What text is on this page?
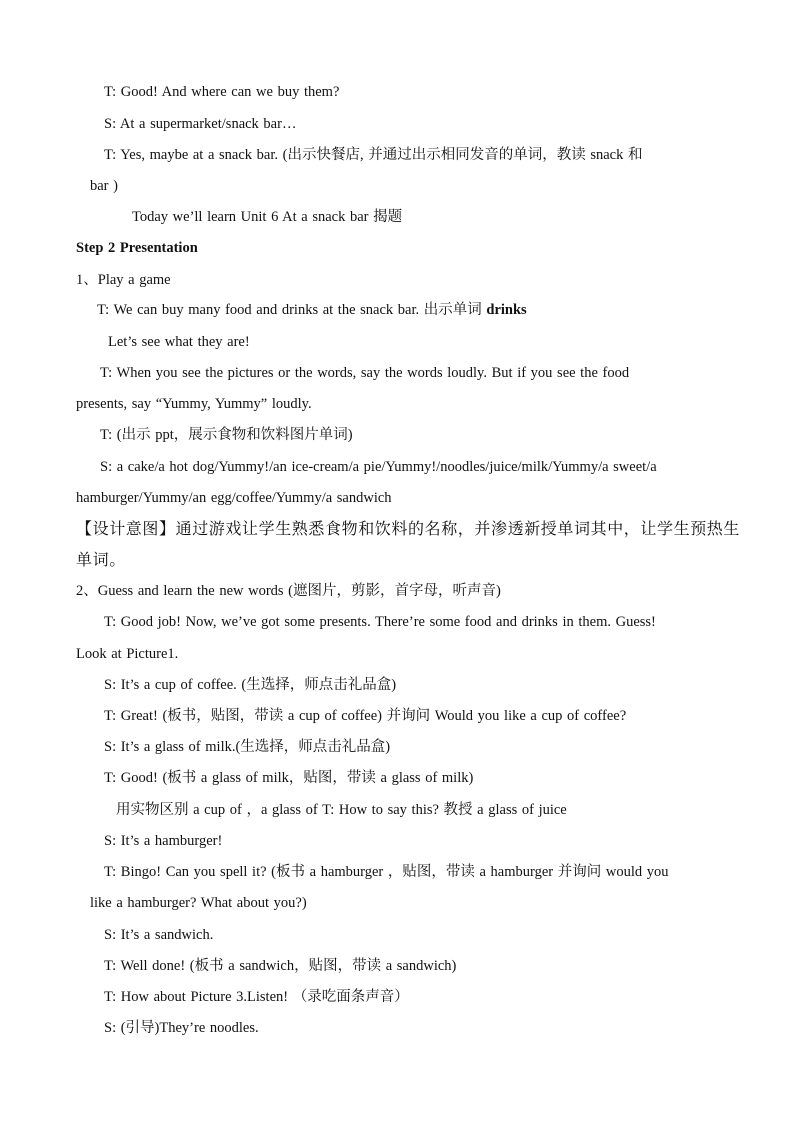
T: Good! And where can we buy them?
S: At a supermarket/snack bar…
T: Yes, maybe at a snack bar. (出示快餐店, 并通过出示相同发音的单词，教读 snack 和
bar )
Today we’ll learn Unit 6 At a snack bar 揭题
Step 2 Presentation
1、Play a game
T: We can buy many food and drinks at the snack bar. 出示单词 drinks
Let’s see what they are!
T: When you see the pictures or the words, say the words loudly. But if you see the food
presents, say “Yummy, Yummy” loudly.
T: (出示 ppt，展示食物和饮料图片单词)
S: a cake/a hot dog/Yummy!/an ice-cream/a pie/Yummy!/noodles/juice/milk/Yummy/a sweet/a
hamburger/Yummy/an egg/coffee/Yummy/a sandwich
【设计意图】通过游戏让学生熟悉食物和饮料的名称，并渗透新授单词其中，让学生预热生
单词。
2、Guess and learn the new words (遮图片，剪影，首字母，听声音)
T: Good job! Now, we’ve got some presents. There’re some food and drinks in them. Guess!
Look at Picture1.
S: It’s a cup of coffee. (生选择，师点击礼品盒)
T: Great! (板书，贴图，带读 a cup of coffee) 并询问 Would you like a cup of coffee?
S: It’s a glass of milk.(生选择，师点击礼品盒)
T: Good! (板书 a glass of milk，贴图，带读 a glass of milk)
用实物区别 a cup of ，a glass of T: How to say this? 教授 a glass of juice
S: It’s a hamburger!
T: Bingo! Can you spell it? (板书 a hamburger ，贴图，带读 a hamburger 并询问 would you
like a hamburger? What about you?)
S: It’s a sandwich.
T: Well done! (板书 a sandwich，贴图，带读 a sandwich)
T: How about Picture 3.Listen! （录吃面条声音）
S: (引导)They’re noodles.
